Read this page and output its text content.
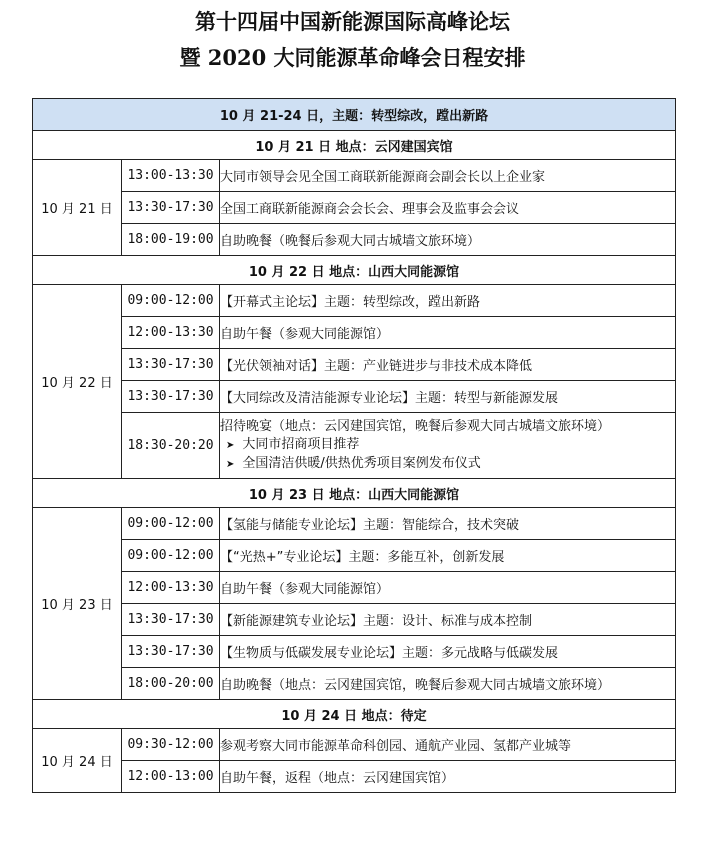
第十四届中国新能源国际高峰论坛
暨 2020 大同能源革命峰会日程安排
10 月 21-24 日，主题：转型综改，蹚出新路		
10 月 21 日 地点：云冈建国宾馆		
10 月 21 日	13:00-13:30	大同市领导会见全国工商联新能源商会副会长以上企业家
	13:30-17:30	全国工商联新能源商会会长会、理事会及监事会会议
	18:00-19:00	自助晚餐（晚餐后参观大同古城墙文旅环境）
10 月 22 日 地点：山西大同能源馆		
10 月 22 日	09:00-12:00	【开幕式主论坛】主题：转型综改，蹚出新路
	12:00-13:30	自助午餐（参观大同能源馆）
	13:30-17:30	【光伏领袖对话】主题：产业链进步与非技术成本降低
	13:30-17:30	【大同综改及清洁能源专业论坛】主题：转型与新能源发展
	18:30-20:20	招待晚宴（地点：云冈建国宾馆，晚餐后参观大同古城墙文旅环境）
➤ 大同市招商项目推荐
➤ 全国清洁供暖/供热优秀项目案例发布仪式

10 月 23 日 地点：山西大同能源馆		
10 月 23 日	09:00-12:00	【氢能与储能专业论坛】主题：智能综合，技术突破
	09:00-12:00	【“光热+”专业论坛】主题：多能互补，创新发展
	12:00-13:30	自助午餐（参观大同能源馆）
	13:30-17:30	【新能源建筑专业论坛】主题：设计、标准与成本控制
	13:30-17:30	【生物质与低碳发展专业论坛】主题：多元战略与低碳发展
	18:00-20:00	自助晚餐（地点：云冈建国宾馆，晚餐后参观大同古城墙文旅环境）
10 月 24 日 地点：待定		
10 月 24 日	09:30-12:00	参观考察大同市能源革命科创园、通航产业园、氢都产业城等
	12:00-13:00	自助午餐，返程（地点：云冈建国宾馆）
